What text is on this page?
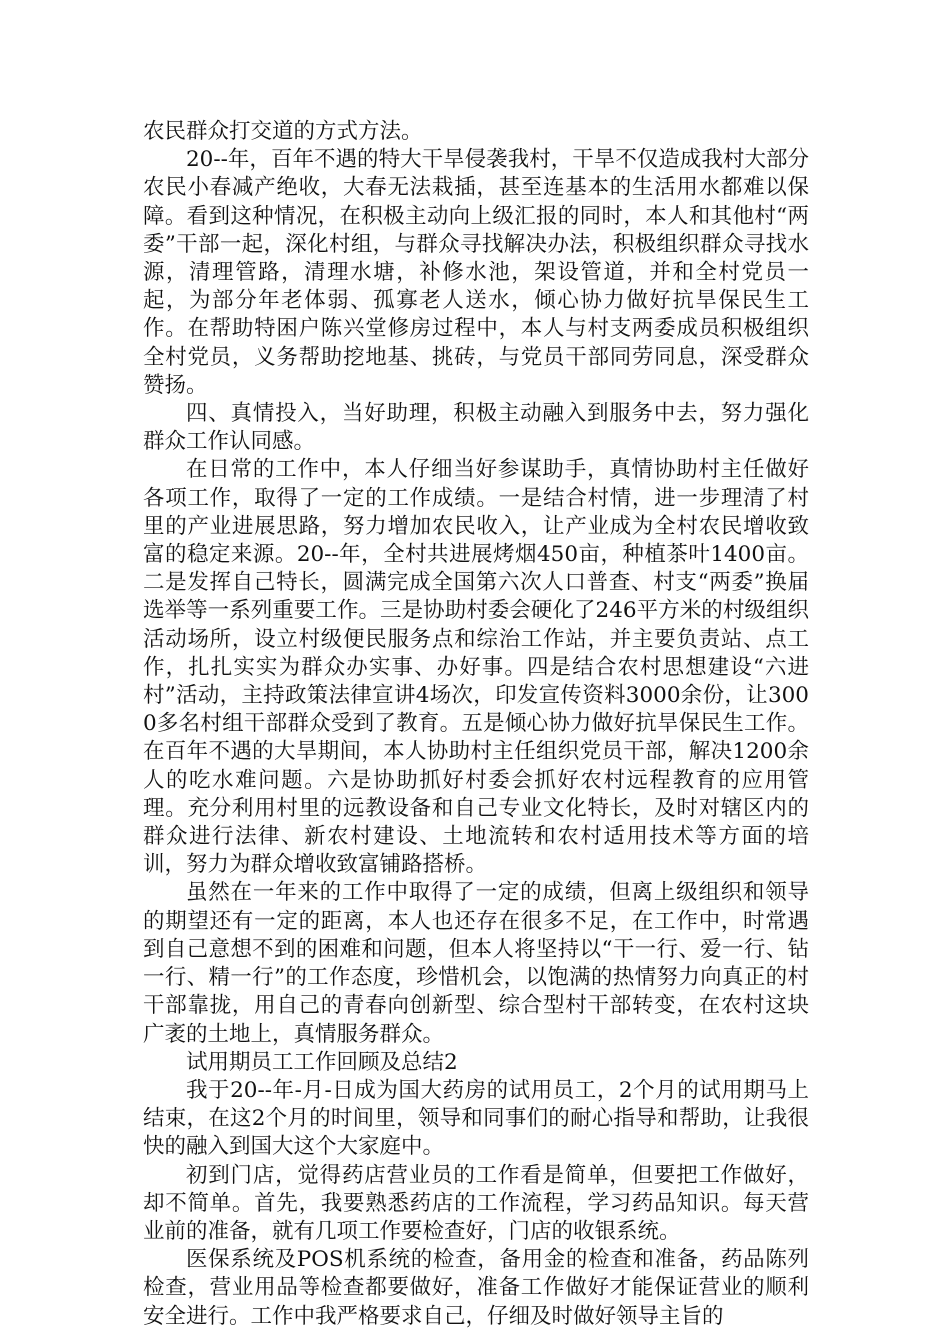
农民群众打交道的方式方法。

20--年，百年不遇的特大干旱侵袭我村，干旱不仅造成我村大部分农民小春减产绝收，大春无法栽插，甚至连基本的生活用水都难以保障。看到这种情况，在积极主动向上级汇报的同时，本人和其他村“两委”干部一起，深化村组，与群众寻找解决办法，积极组织群众寻找水源，清理管路，清理水塘，补修水池，架设管道，并和全村党员一起，为部分年老体弱、孤寡老人送水，倾心协力做好抗旱保民生工作。在帮助特困户陈兴堂修房过程中，本人与村支两委成员积极组织全村党员，义务帮助挖地基、挑砖，与党员干部同劳同息，深受群众赞扬。

四、真情投入，当好助理，积极主动融入到服务中去，努力强化群众工作认同感。

在日常的工作中，本人仔细当好参谋助手，真情协助村主任做好各项工作，取得了一定的工作成绩。一是结合村情，进一步理清了村里的产业进展思路，努力增加农民收入，让产业成为全村农民增收致富的稳定来源。20--年，全村共进展烤烟450亩，种植茶叶1400亩。二是发挥自己特长，圆满完成全国第六次人口普查、村支“两委”换届选举等一系列重要工作。三是协助村委会硬化了246平方米的村级组织活动场所，设立村级便民服务点和综治工作站，并主要负责站、点工作，扎扎实实为群众办实事、办好事。四是结合农村思想建设“六进村”活动，主持政策法律宣讲4场次，印发宣传资料3000余份，让3000多名村组干部群众受到了教育。五是倾心协力做好抗旱保民生工作。在百年不遇的大旱期间，本人协助村主任组织党员干部，解决1200余人的吃水难问题。六是协助抓好村委会抓好农村远程教育的应用管理。充分利用村里的远教设备和自己专业文化特长，及时对辖区内的群众进行法律、新农村建设、土地流转和农村适用技术等方面的培训，努力为群众增收致富铺路搭桥。

虽然在一年来的工作中取得了一定的成绩，但离上级组织和领导的期望还有一定的距离，本人也还存在很多不足，在工作中，时常遇到自己意想不到的困难和问题，但本人将坚持以“干一行、爱一行、钻一行、精一行”的工作态度，珍惜机会，以饱满的热情努力向真正的村干部靠拢，用自己的青春向创新型、综合型村干部转变，在农村这块广袤的土地上，真情服务群众。

试用期员工工作回顾及总结2

我于20--年-月-日成为国大药房的试用员工，2个月的试用期马上结束，在这2个月的时间里，领导和同事们的耐心指导和帮助，让我很快的融入到国大这个大家庭中。

初到门店，觉得药店营业员的工作看是简单，但要把工作做好，却不简单。首先，我要熟悉药店的工作流程，学习药品知识。每天营业前的准备，就有几项工作要检查好，门店的收银系统。

医保系统及POS机系统的检查，备用金的检查和准备，药品陈列检查，营业用品等检查都要做好，准备工作做好才能保证营业的顺利安全进行。工作中我严格要求自己，仔细及时做好领导主旨的
